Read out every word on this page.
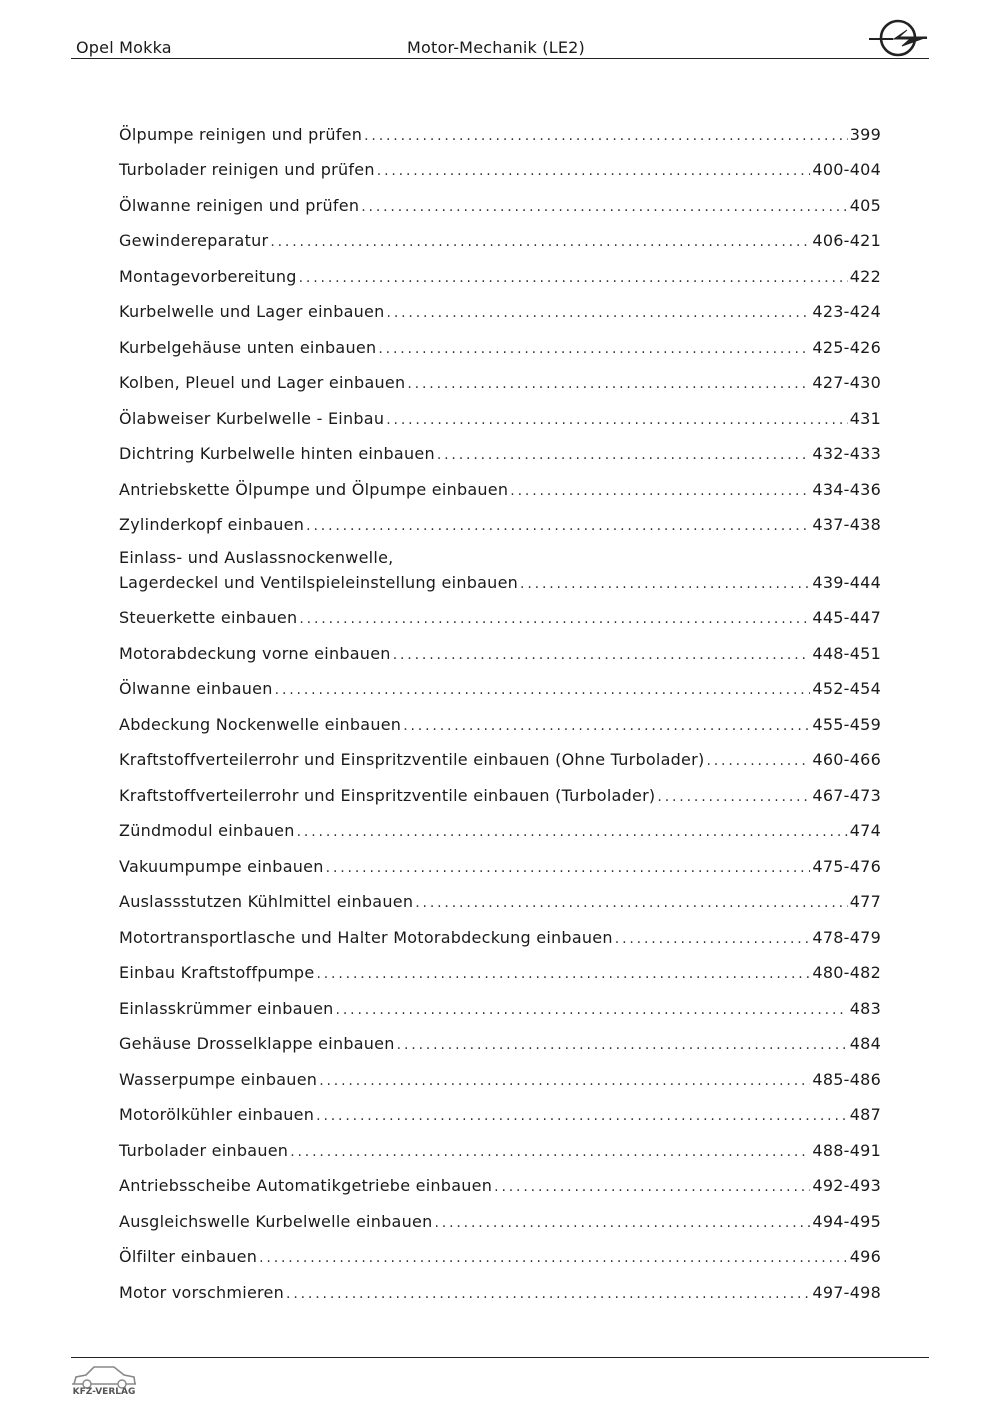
Opel Mokka	Motor-Mechanik (LE2)
Ölpumpe reinigen und prüfen . . .	399
Turbolader reinigen und prüfen . . .	400-404
Ölwanne reinigen und prüfen . . .	405
Gewindereparatur . . .	406-421
Montagevorbereitung . . .	422
Kurbelwelle und Lager einbauen . . .	423-424
Kurbelgehäuse unten einbauen . . .	425-426
Kolben, Pleuel und Lager einbauen . . .	427-430
Ölabweiser Kurbelwelle - Einbau . . .	431
Dichtring Kurbelwelle hinten einbauen . . .	432-433
Antriebskette Ölpumpe und Ölpumpe einbauen . . .	434-436
Zylinderkopf einbauen . . .	437-438
Einlass- und Auslassnockenwelle,
Lagerdeckel und Ventilspieleinstellung einbauen . . .	439-444
Steuerkette einbauen . . .	445-447
Motorabdeckung vorne einbauen . . .	448-451
Ölwanne einbauen . . .	452-454
Abdeckung Nockenwelle einbauen . . .	455-459
Kraftstoffverteilerrohr und Einspritzventile einbauen (Ohne Turbolader) . . .	460-466
Kraftstoffverteilerrohr und Einspritzventile einbauen (Turbolader) . . .	467-473
Zündmodul einbauen . . .	474
Vakuumpumpe einbauen . . .	475-476
Auslassstutzen Kühlmittel einbauen . . .	477
Motortransportlasche und Halter Motorabdeckung einbauen . . .	478-479
Einbau Kraftstoffpumpe . . .	480-482
Einlasskrümmer einbauen . . .	483
Gehäuse Drosselklappe einbauen . . .	484
Wasserpumpe einbauen . . .	485-486
Motorölkühler einbauen . . .	487
Turbolader einbauen . . .	488-491
Antriebsscheibe Automatikgetriebe einbauen . . .	492-493
Ausgleichswelle Kurbelwelle einbauen . . .	494-495
Ölfilter einbauen . . .	496
Motor vorschmieren . . .	497-498
KFZ-VERLAG
